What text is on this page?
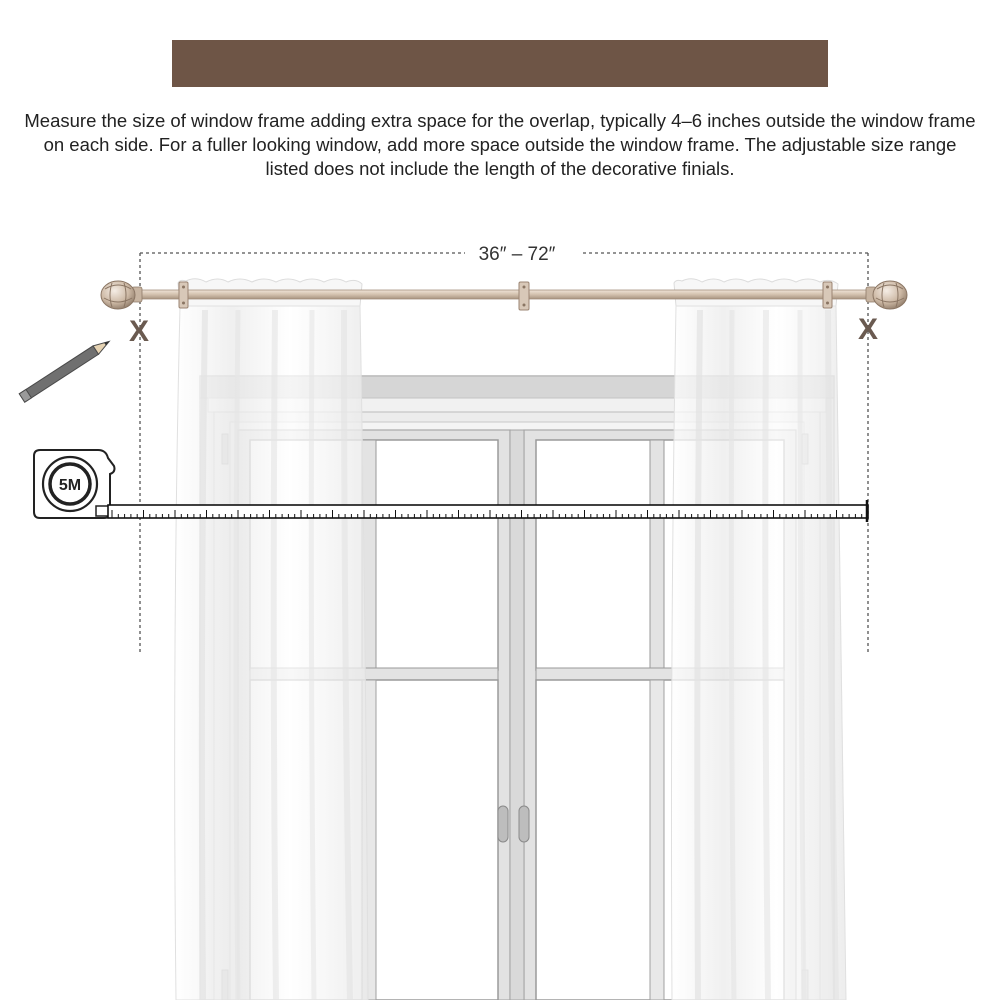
Measure the size of window frame adding extra space for the overlap, typically 4–6 inches outside the window frame on each side. For a fuller looking window, add more space outside the window frame. The adjustable size range listed does not include the length of the decorative finials.

36″ – 72″
X	X
5M
